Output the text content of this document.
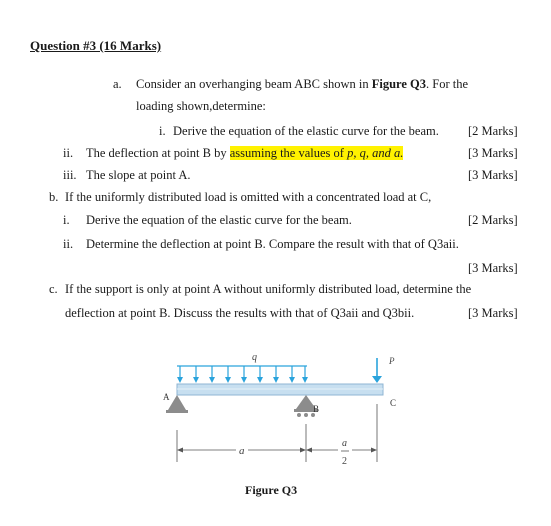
Question #3 (16 Marks)
a. Consider an overhanging beam ABC shown in Figure Q3. For the
loading shown,determine:
i. Derive the equation of the elastic curve for the beam. [2 Marks]
ii. The deflection at point B by assuming the values of p, q, and a.	[3 Marks]
iii. The slope at point A.	[3 Marks]
b. If the uniformly distributed load is omitted with a concentrated load at C,
i. Derive the equation of the elastic curve for the beam.	[2 Marks]
ii. Determine the deflection at point B. Compare the result with that of Q3aii.
[3 Marks]
c. If the support is only at point A without uniformly distributed load, determine the
deflection at point B. Discuss the results with that of Q3aii and Q3bii.	[3 Marks]
q	P
A
B
C
a
a
2
Figure Q3
